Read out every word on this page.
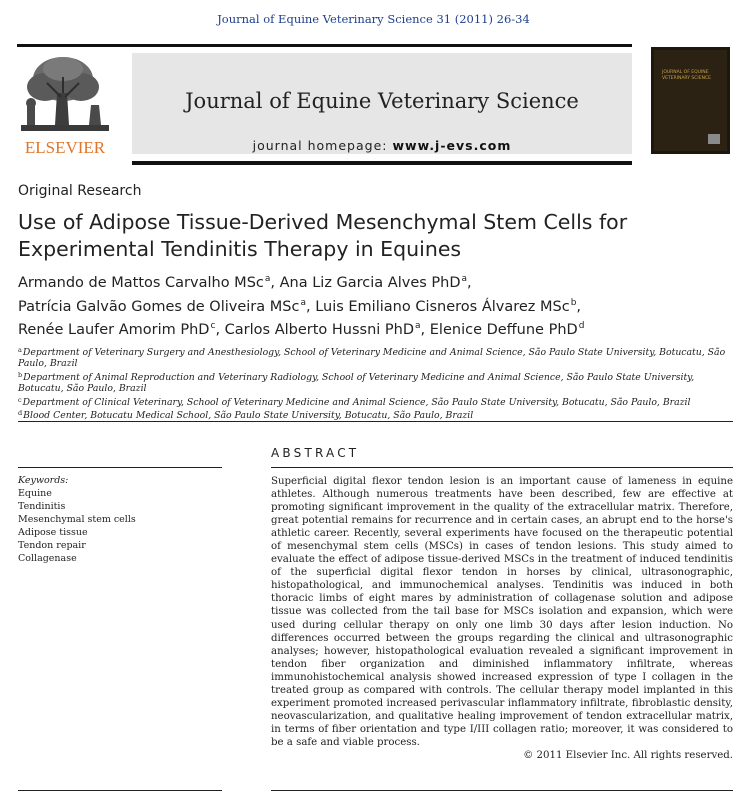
Journal of Equine Veterinary Science 31 (2011) 26-34
ELSEVIER
Journal of Equine Veterinary Science
journal homepage: www.j-evs.com
JOURNAL OF EQUINE VETERINARY SCIENCE
Original Research
Use of Adipose Tissue-Derived Mesenchymal Stem Cells for Experimental Tendinitis Therapy in Equines
Armando de Mattos Carvalho MSc$^a$, Ana Liz Garcia Alves PhD$^a$,
Patrícia Galvão Gomes de Oliveira MSc$^a$, Luis Emiliano Cisneros Álvarez MSc$^b$,
Renée Laufer Amorim PhD$^c$, Carlos Alberto Hussni PhD$^a$, Elenice Deffune PhD$^d$
$^a$Department of Veterinary Surgery and Anesthesiology, School of Veterinary Medicine and Animal Science, São Paulo State University, Botucatu, São Paulo, Brazil
$^b$Department of Animal Reproduction and Veterinary Radiology, School of Veterinary Medicine and Animal Science, São Paulo State University, Botucatu, São Paulo, Brazil
$^c$Department of Clinical Veterinary, School of Veterinary Medicine and Animal Science, São Paulo State University, Botucatu, São Paulo, Brazil
$^d$Blood Center, Botucatu Medical School, São Paulo State University, Botucatu, São Paulo, Brazil
ABSTRACT
Keywords:
Equine
Tendinitis
Mesenchymal stem cells
Adipose tissue
Tendon repair
Collagenase
Superficial digital flexor tendon lesion is an important cause of lameness in equine athletes. Although numerous treatments have been described, few are effective at promoting significant improvement in the quality of the extracellular matrix. Therefore, great potential remains for recurrence and in certain cases, an abrupt end to the horse's athletic career. Recently, several experiments have focused on the therapeutic potential of mesenchymal stem cells (MSCs) in cases of tendon lesions. This study aimed to evaluate the effect of adipose tissue-derived MSCs in the treatment of induced tendinitis of the superficial digital flexor tendon in horses by clinical, ultrasonographic, histopathological, and immunochemical analyses. Tendinitis was induced in both thoracic limbs of eight mares by administration of collagenase solution and adipose tissue was collected from the tail base for MSCs isolation and expansion, which were used during cellular therapy on only one limb 30 days after lesion induction. No differences occurred between the groups regarding the clinical and ultrasonographic analyses; however, histopathological evaluation revealed a significant improvement in tendon fiber organization and diminished inflammatory infiltrate, whereas immunohistochemical analysis showed increased expression of type I collagen in the treated group as compared with controls. The cellular therapy model implanted in this experiment promoted increased perivascular inflammatory infiltrate, fibroblastic density, neovascularization, and qualitative healing improvement of tendon extracellular matrix, in terms of fiber orientation and type I/III collagen ratio; moreover, it was considered to be a safe and viable process.
© 2011 Elsevier Inc. All rights reserved.
